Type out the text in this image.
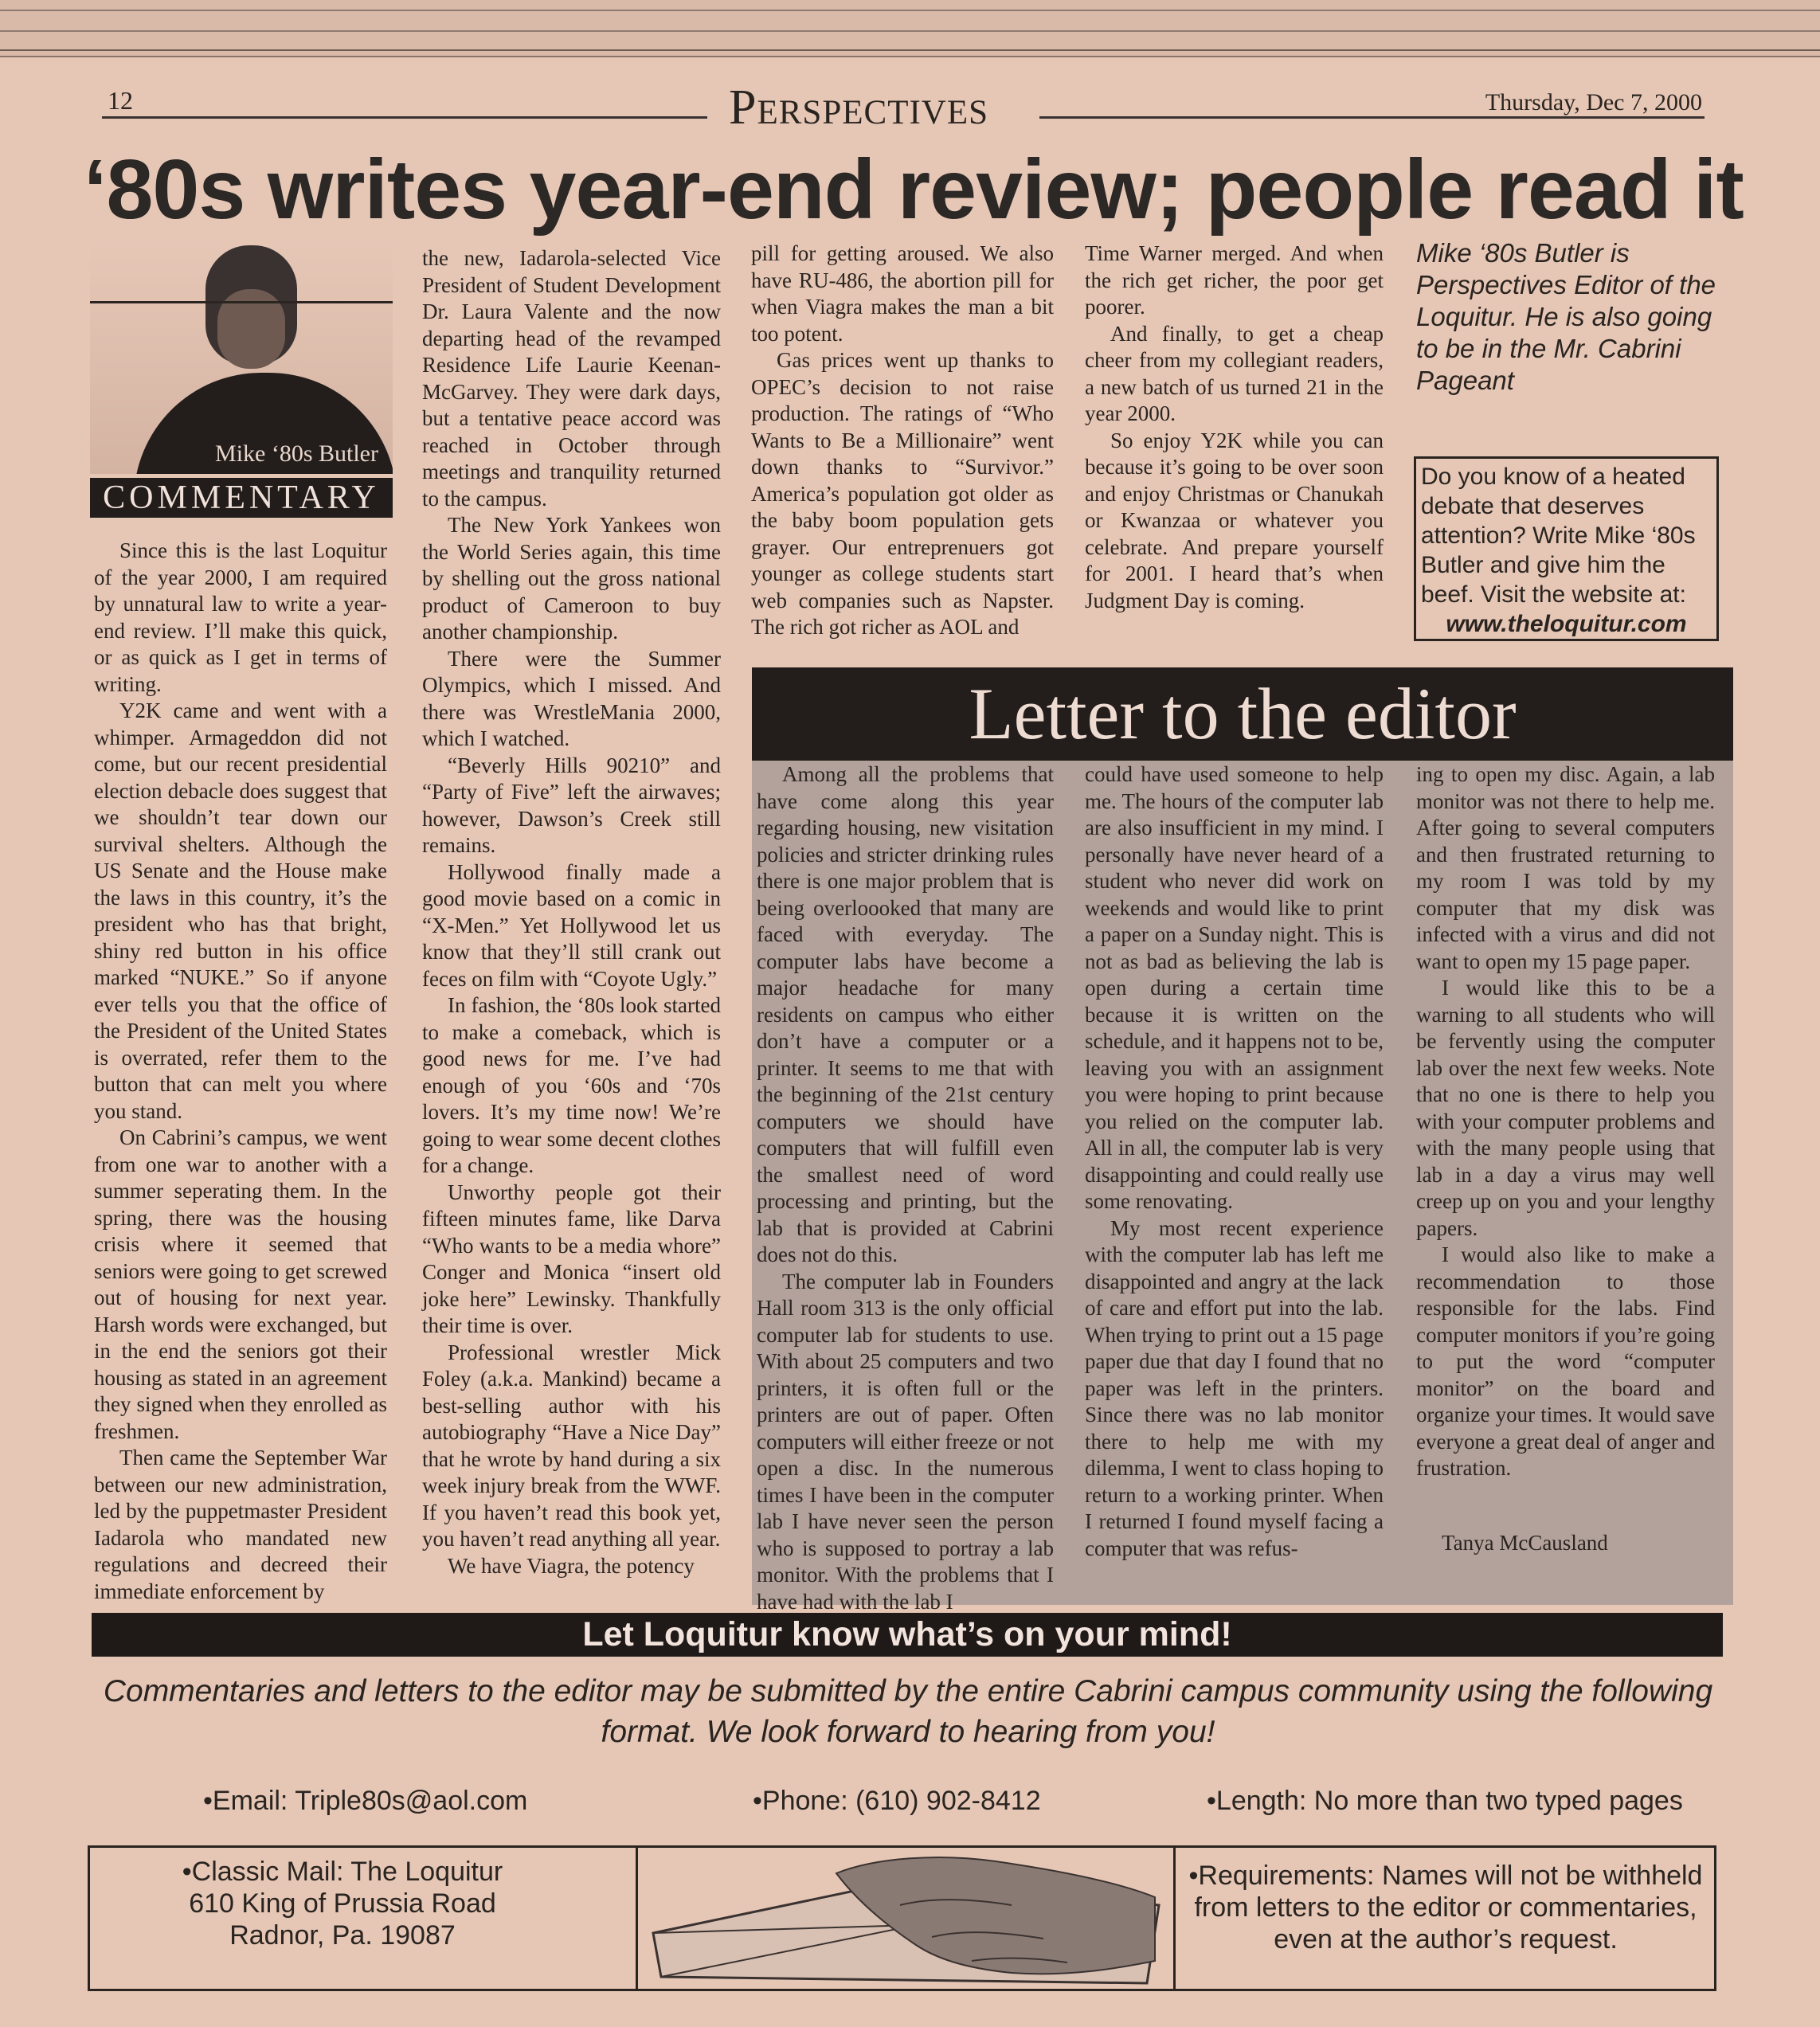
12	Perspectives	Thursday, Dec 7, 2000
‘80s writes year-end review; people read it
Mike ‘80s Butler
COMMENTARY

Since this is the last Loquitur of the year 2000, I am required by unnatural law to write a year-end review. I’ll make this quick, or as quick as I get in terms of writing.

Y2K came and went with a whimper. Armageddon did not come, but our recent presidential election debacle does suggest that we shouldn’t tear down our survival shelters. Although the US Senate and the House make the laws in this country, it’s the president who has that bright, shiny red button in his office marked “NUKE.” So if anyone ever tells you that the office of the President of the United States is overrated, refer them to the button that can melt you where you stand.

On Cabrini’s campus, we went from one war to another with a summer seperating them. In the spring, there was the housing crisis where it seemed that seniors were going to get screwed out of housing for next year. Harsh words were exchanged, but in the end the seniors got their housing as stated in an agreement they signed when they enrolled as freshmen.

Then came the September War between our new administration, led by the puppetmaster President Iadarola who mandated new regulations and decreed their immediate enforcement by

the new, Iadarola-selected Vice President of Student Development Dr. Laura Valente and the now departing head of the revamped Residence Life Laurie Keenan-McGarvey. They were dark days, but a tentative peace accord was reached in October through meetings and tranquility returned to the campus.

The New York Yankees won the World Series again, this time by shelling out the gross national product of Cameroon to buy another championship.

There were the Summer Olympics, which I missed. And there was WrestleMania 2000, which I watched.

“Beverly Hills 90210” and “Party of Five” left the airwaves; however, Dawson’s Creek still remains.

Hollywood finally made a good movie based on a comic in “X-Men.” Yet Hollywood let us know that they’ll still crank out feces on film with “Coyote Ugly.”

In fashion, the ‘80s look started to make a comeback, which is good news for me. I’ve had enough of you ‘60s and ‘70s lovers. It’s my time now! We’re going to wear some decent clothes for a change.

Unworthy people got their fifteen minutes fame, like Darva “Who wants to be a media whore” Conger and Monica “insert old joke here” Lewinsky. Thankfully their time is over.

Professional wrestler Mick Foley (a.k.a. Mankind) became a best-selling author with his autobiography “Have a Nice Day” that he wrote by hand during a six week injury break from the WWF. If you haven’t read this book yet, you haven’t read anything all year.

We have Viagra, the potency

pill for getting aroused. We also have RU-486, the abortion pill for when Viagra makes the man a bit too potent.

Gas prices went up thanks to OPEC’s decision to not raise production. The ratings of “Who Wants to Be a Millionaire” went down thanks to “Survivor.” America’s population got older as the baby boom population gets grayer. Our entreprenuers got younger as college students start web companies such as Napster. The rich got richer as AOL and

Time Warner merged. And when the rich get richer, the poor get poorer.

And finally, to get a cheap cheer from my collegiant readers, a new batch of us turned 21 in the year 2000.

So enjoy Y2K while you can because it’s going to be over soon and enjoy Christmas or Chanukah or Kwanzaa or whatever you celebrate. And prepare yourself for 2001. I heard that’s when Judgment Day is coming.

Mike ‘80s Butler is Perspectives Editor of the Loquitur. He is also going to be in the Mr. Cabrini Pageant
Do you know of a heated debate that deserves attention? Write Mike ‘80s Butler and give him the beef. Visit the website at:
www.theloquitur.com
Letter to the editor

Among all the problems that have come along this year regarding housing, new visitation policies and stricter drinking rules there is one major problem that is being overloooked that many are faced with everyday. The computer labs have become a major headache for many residents on campus who either don’t have a computer or a printer. It seems to me that with the beginning of the 21st century computers we should have computers that will fulfill even the smallest need of word processing and printing, but the lab that is provided at Cabrini does not do this.

The computer lab in Founders Hall room 313 is the only official computer lab for students to use. With about 25 computers and two printers, it is often full or the printers are out of paper. Often computers will either freeze or not open a disc. In the numerous times I have been in the computer lab I have never seen the person who is supposed to portray a lab monitor. With the problems that I have had with the lab I

could have used someone to help me. The hours of the computer lab are also insufficient in my mind. I personally have never heard of a student who never did work on weekends and would like to print a paper on a Sunday night. This is not as bad as believing the lab is open during a certain time because it is written on the schedule, and it happens not to be, leaving you with an assignment you were hoping to print because you relied on the computer lab. All in all, the computer lab is very disappointing and could really use some renovating.

My most recent experience with the computer lab has left me disappointed and angry at the lack of care and effort put into the lab. When trying to print out a 15 page paper due that day I found that no paper was left in the printers. Since there was no lab monitor there to help me with my dilemma, I went to class hoping to return to a working printer. When I returned I found myself facing a computer that was refus-

ing to open my disc. Again, a lab monitor was not there to help me. After going to several computers and then frustrated returning to my room I was told by my computer that my disk was infected with a virus and did not want to open my 15 page paper.

I would like this to be a warning to all students who will be fervently using the computer lab over the next few weeks. Note that no one is there to help you with your computer problems and with the many people using that lab in a day a virus may well creep up on you and your lengthy papers.

I would also like to make a recommendation to those responsible for the labs. Find computer monitors if you’re going to put the word “computer monitor” on the board and organize your times. It would save everyone a great deal of anger and frustration.

Tanya McCausland
Let Loquitur know what’s on your mind!
Commentaries and letters to the editor may be submitted by the entire Cabrini campus community using the following format. We look forward to hearing from you!
•Email: Triple80s@aol.com	•Phone: (610) 902-8412	•Length: No more than two typed pages
•Classic Mail: The Loquitur
610 King of Prussia Road
Radnor, Pa. 19087
•Requirements: Names will not be withheld from letters to the editor or commentaries, even at the author’s request.
